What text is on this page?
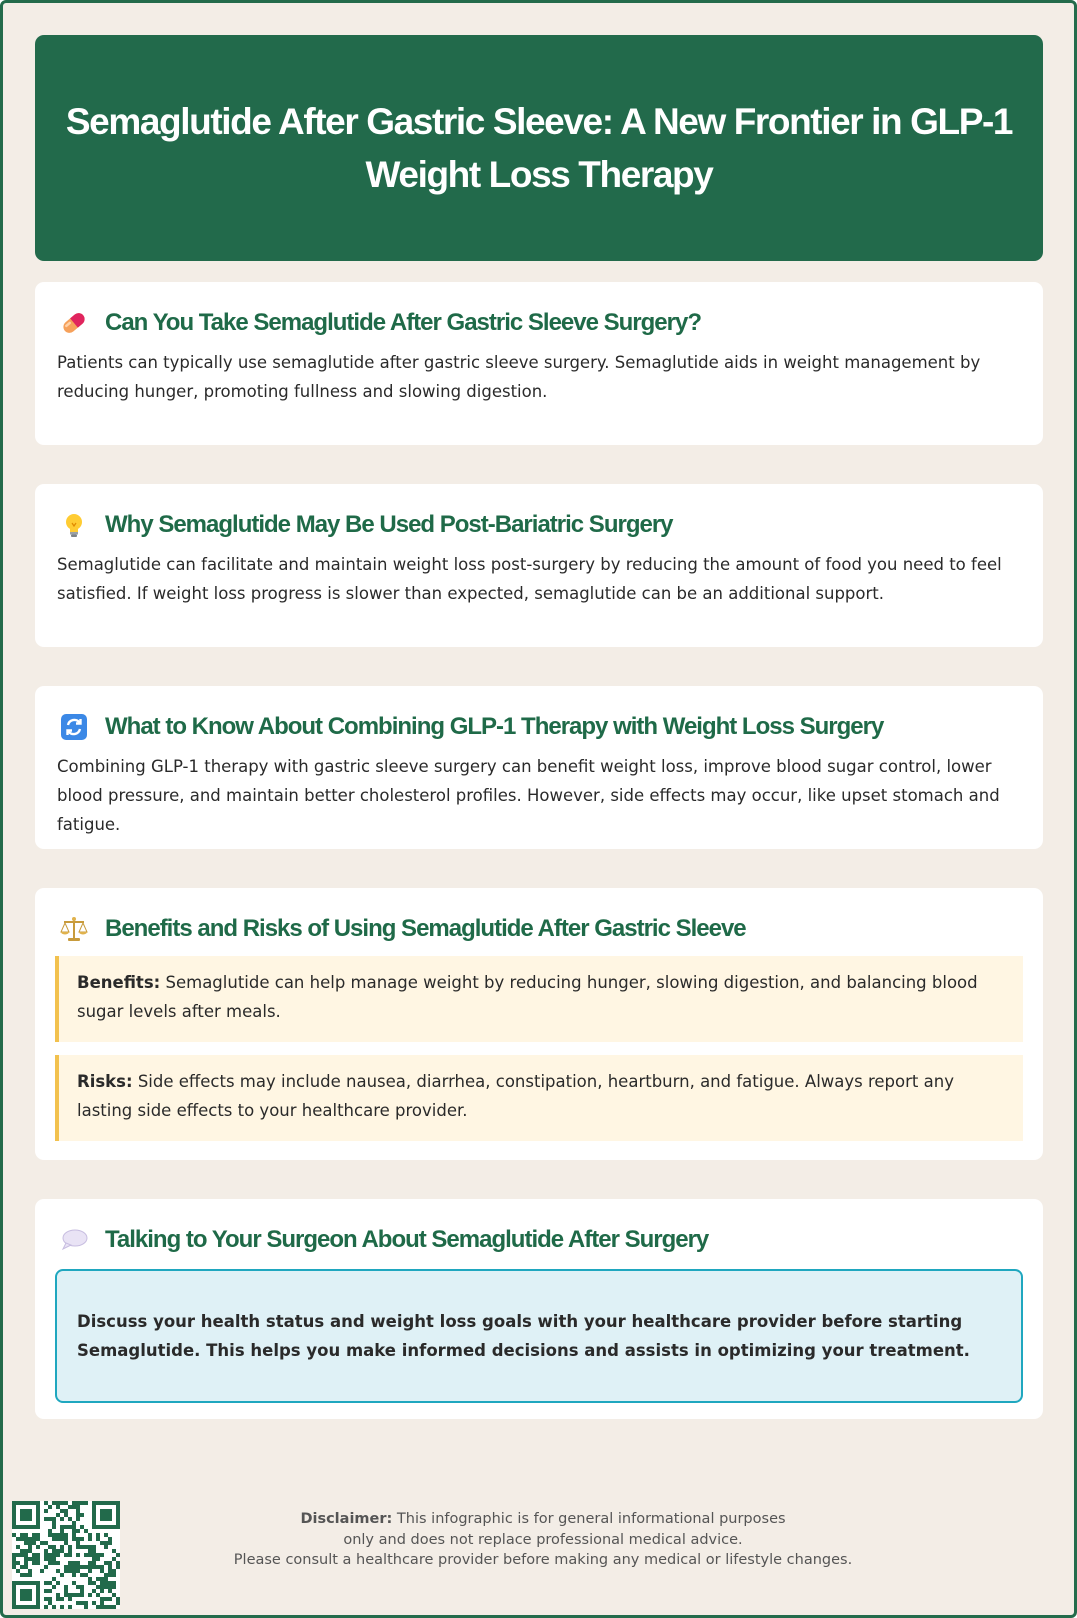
Semaglutide After Gastric Sleeve: A New Frontier in GLP-1 Weight Loss Therapy
Can You Take Semaglutide After Gastric Sleeve Surgery?

Patients can typically use semaglutide after gastric sleeve surgery. Semaglutide aids in weight management by reducing hunger, promoting fullness and slowing digestion.

Why Semaglutide May Be Used Post-Bariatric Surgery

Semaglutide can facilitate and maintain weight loss post-surgery by reducing the amount of food you need to feel satisfied. If weight loss progress is slower than expected, semaglutide can be an additional support.

What to Know About Combining GLP-1 Therapy with Weight Loss Surgery

Combining GLP-1 therapy with gastric sleeve surgery can benefit weight loss, improve blood sugar control, lower blood pressure, and maintain better cholesterol profiles. However, side effects may occur, like upset stomach and fatigue.

Benefits and Risks of Using Semaglutide After Gastric Sleeve
Benefits: Semaglutide can help manage weight by reducing hunger, slowing digestion, and balancing blood sugar levels after meals.
Risks: Side effects may include nausea, diarrhea, constipation, heartburn, and fatigue. Always report any lasting side effects to your healthcare provider.
Talking to Your Surgeon About Semaglutide After Surgery
Discuss your health status and weight loss goals with your healthcare provider before starting Semaglutide. This helps you make informed decisions and assists in optimizing your treatment.
Disclaimer: This infographic is for general informational purposes
only and does not replace professional medical advice.
Please consult a healthcare provider before making any medical or lifestyle changes.
